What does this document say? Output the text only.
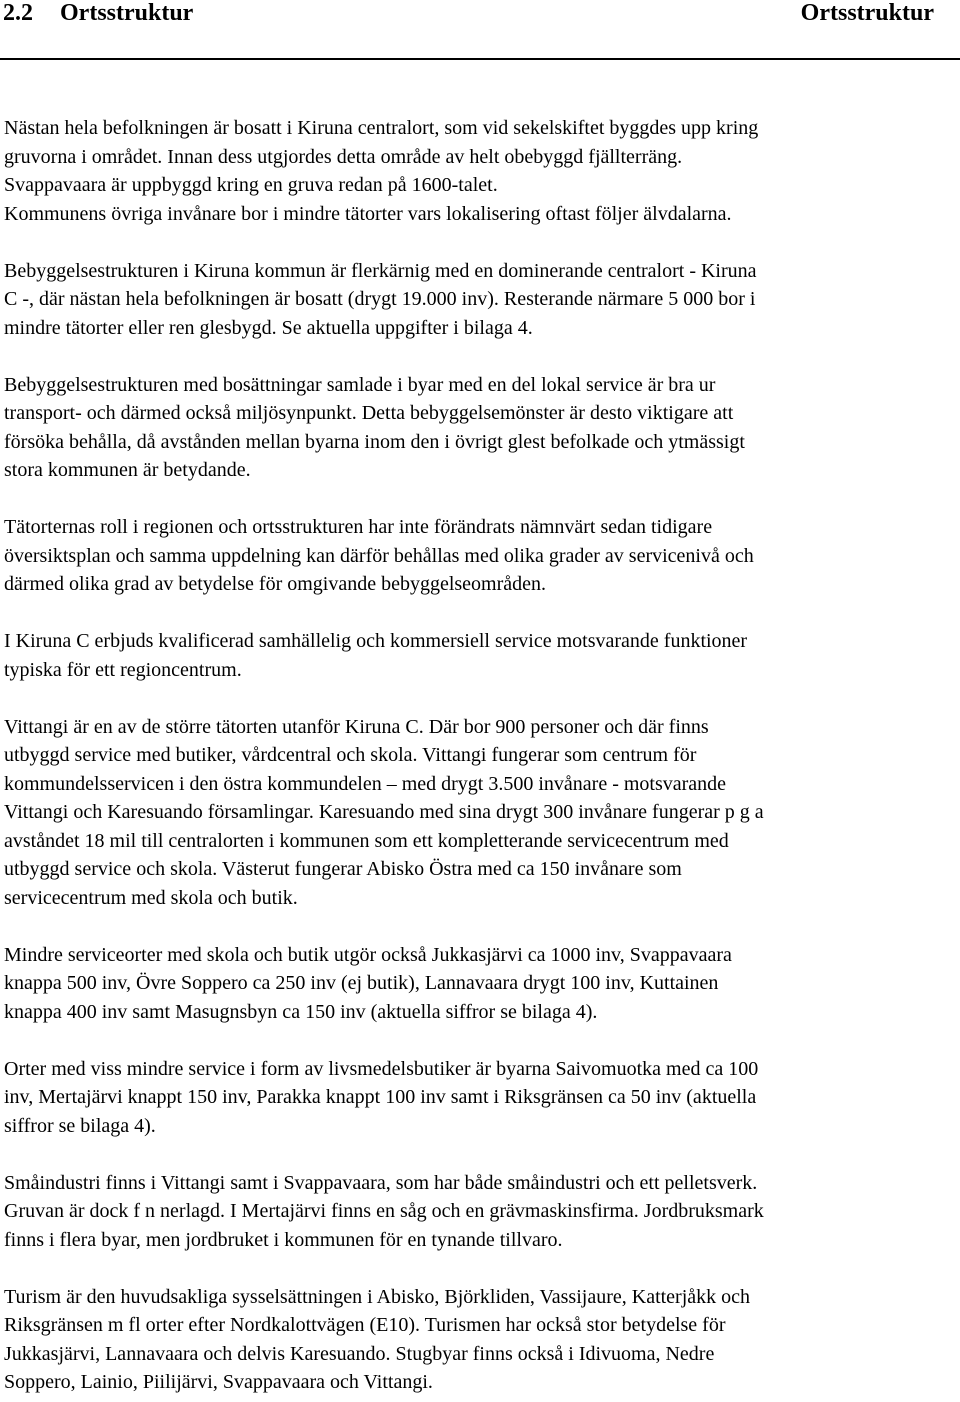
2.2 Ortsstruktur	Ortsstruktur
Nästan hela befolkningen är bosatt i Kiruna centralort, som vid sekelskiftet byggdes upp kring
gruvorna i området. Innan dess utgjordes detta område av helt obebyggd fjällterräng.
Svappavaara är uppbyggd kring en gruva redan på 1600-talet.
Kommunens övriga invånare bor i mindre tätorter vars lokalisering oftast följer älvdalarna.
Bebyggelsestrukturen i Kiruna kommun är flerkärnig med en dominerande centralort - Kiruna
C -, där nästan hela befolkningen är bosatt (drygt 19.000 inv). Resterande närmare 5 000 bor i
mindre tätorter eller ren glesbygd. Se aktuella uppgifter i bilaga 4.
Bebyggelsestrukturen med bosättningar samlade i byar med en del lokal service är bra ur
transport- och därmed också miljösynpunkt. Detta bebyggelsemönster är desto viktigare att
försöka behålla, då avstånden mellan byarna inom den i övrigt glest befolkade och ytmässigt
stora kommunen är betydande.
Tätorternas roll i regionen och ortsstrukturen har inte förändrats nämnvärt sedan tidigare
översiktsplan och samma uppdelning kan därför behållas med olika grader av servicenivå och
därmed olika grad av betydelse för omgivande bebyggelseområden.
I Kiruna C erbjuds kvalificerad samhällelig och kommersiell service motsvarande funktioner
typiska för ett regioncentrum.
Vittangi är en av de större tätorten utanför Kiruna C. Där bor 900 personer och där finns
utbyggd service med butiker, vårdcentral och skola. Vittangi fungerar som centrum för
kommundelsservicen i den östra kommundelen – med drygt 3.500 invånare - motsvarande
Vittangi och Karesuando församlingar. Karesuando med sina drygt 300 invånare fungerar p g a
avståndet 18 mil till centralorten i kommunen som ett kompletterande servicecentrum med
utbyggd service och skola. Västerut fungerar Abisko Östra med ca 150 invånare som
servicecentrum med skola och butik.
Mindre serviceorter med skola och butik utgör också Jukkasjärvi ca 1000 inv, Svappavaara
knappa 500 inv, Övre Soppero ca 250 inv (ej butik), Lannavaara drygt 100 inv, Kuttainen
knappa 400 inv samt Masugnsbyn ca 150 inv (aktuella siffror se bilaga 4).
Orter med viss mindre service i form av livsmedelsbutiker är byarna Saivomuotka med ca 100
inv, Mertajärvi knappt 150 inv, Parakka knappt 100 inv samt i Riksgränsen ca 50 inv (aktuella
siffror se bilaga 4).
Småindustri finns i Vittangi samt i Svappavaara, som har både småindustri och ett pelletsverk.
Gruvan är dock f n nerlagd. I Mertajärvi finns en såg och en grävmaskinsfirma. Jordbruksmark
finns i flera byar, men jordbruket i kommunen för en tynande tillvaro.
Turism är den huvudsakliga sysselsättningen i Abisko, Björkliden, Vassijaure, Katterjåkk och
Riksgränsen m fl orter efter Nordkalottvägen (E10). Turismen har också stor betydelse för
Jukkasjärvi, Lannavaara och delvis Karesuando. Stugbyar finns också i Idivuoma, Nedre
Soppero, Lainio, Piilijärvi, Svappavaara och Vittangi.
